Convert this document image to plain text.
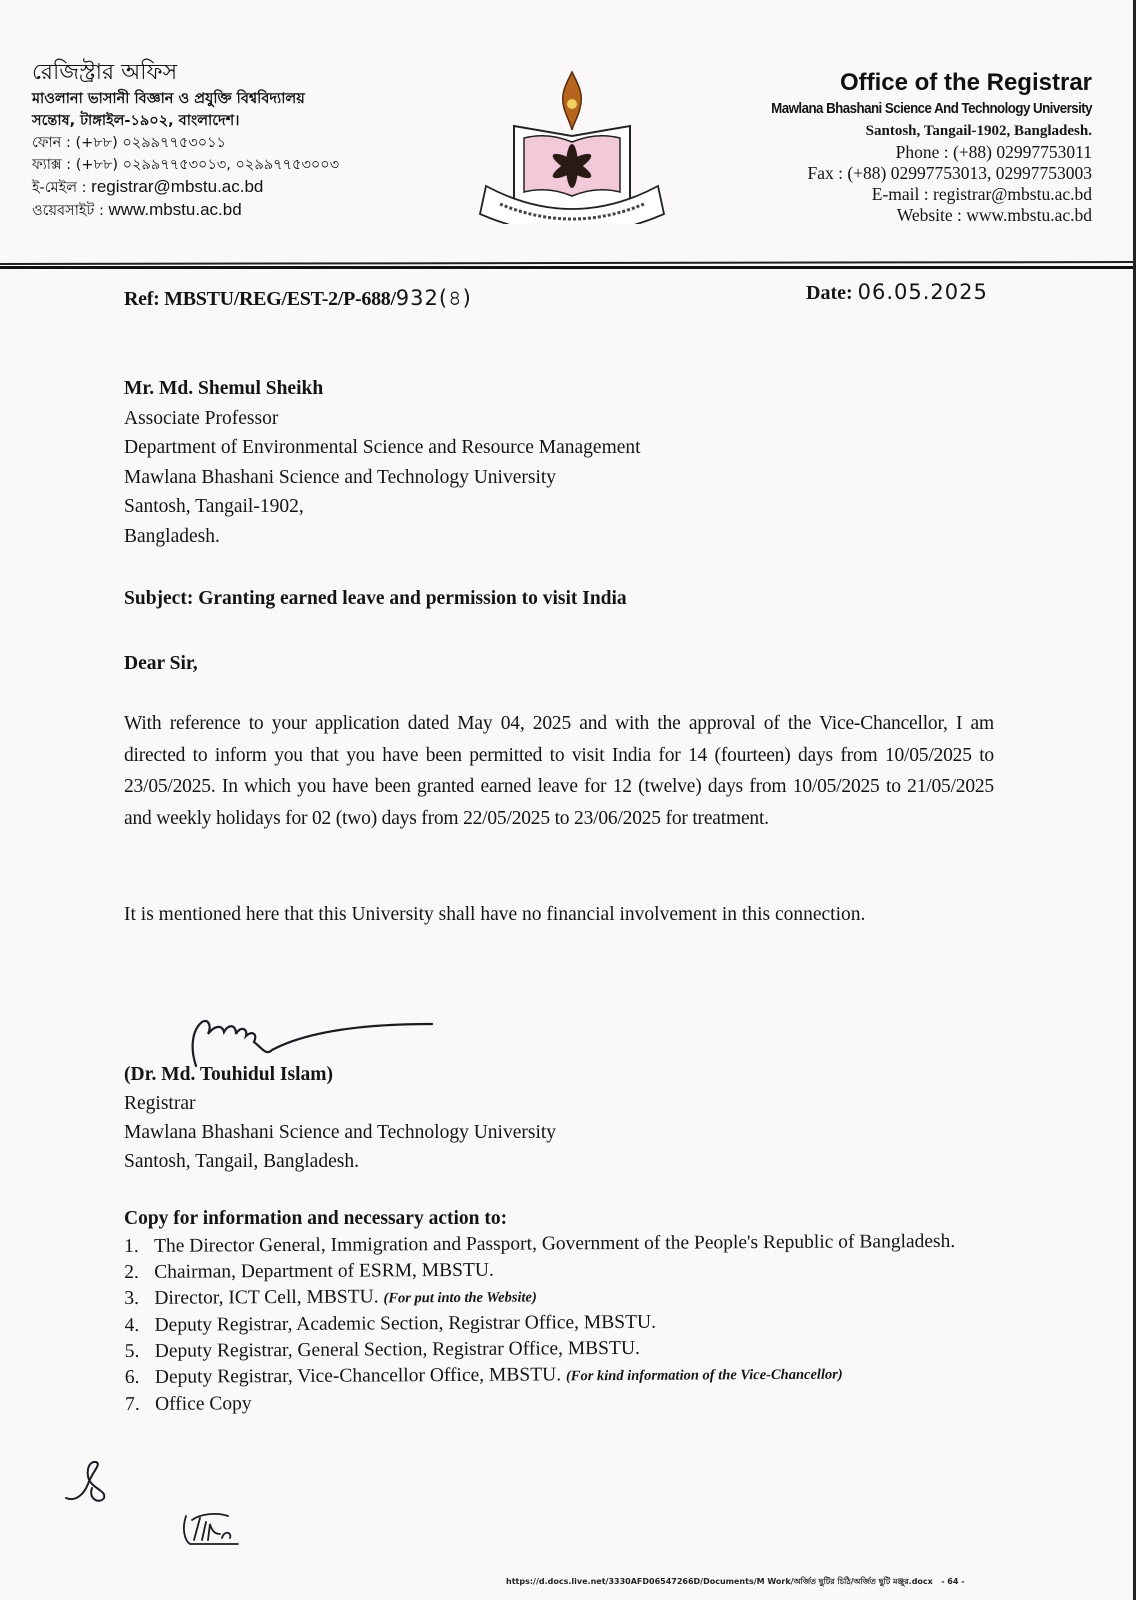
রেজিস্ট্রার অফিস
মাওলানা ভাসানী বিজ্ঞান ও প্রযুক্তি বিশ্ববিদ্যালয়
সন্তোষ, টাঙ্গাইল-১৯০২, বাংলাদেশ।
ফোন : (+৮৮) ০২৯৯৭৭৫৩০১১
ফ্যাক্স : (+৮৮) ০২৯৯৭৭৫৩০১৩, ০২৯৯৭৭৫৩০০৩
ই-মেইল : registrar@mbstu.ac.bd
ওয়েবসাইট : www.mbstu.ac.bd
Office of the Registrar
Mawlana Bhashani Science And Technology University
Santosh, Tangail-1902, Bangladesh.
Phone : (+88) 02997753011
Fax : (+88) 02997753013, 02997753003
E-mail : registrar@mbstu.ac.bd
Website : www.mbstu.ac.bd
Ref: MBSTU/REG/EST-2/P-688/932(৪)	Date: 06.05.2025
Mr. Md. Shemul Sheikh
Associate Professor
Department of Environmental Science and Resource Management
Mawlana Bhashani Science and Technology University
Santosh, Tangail-1902,
Bangladesh.
Subject: Granting earned leave and permission to visit India
Dear Sir,
With reference to your application dated May 04, 2025 and with the approval of the Vice-Chancellor, I am directed to inform you that you have been permitted to visit India for 14 (fourteen) days from 10/05/2025 to 23/05/2025. In which you have been granted earned leave for 12 (twelve) days from 10/05/2025 to 21/05/2025 and weekly holidays for 02 (two) days from 22/05/2025 to 23/06/2025 for treatment.
It is mentioned here that this University shall have no financial involvement in this connection.
(Dr. Md. Touhidul Islam)
Registrar
Mawlana Bhashani Science and Technology University
Santosh, Tangail, Bangladesh.
Copy for information and necessary action to:
1. The Director General, Immigration and Passport, Government of the People's Republic of Bangladesh.
2. Chairman, Department of ESRM, MBSTU.
3. Director, ICT Cell, MBSTU. (For put into the Website)
4. Deputy Registrar, Academic Section, Registrar Office, MBSTU.
5. Deputy Registrar, General Section, Registrar Office, MBSTU.
6. Deputy Registrar, Vice-Chancellor Office, MBSTU. (For kind information of the Vice-Chancellor)
7. Office Copy
https://d.docs.live.net/3330AFD06547266D/Documents/M Work/অর্জিত ছুটির চিঠি/অর্জিত ছুটি মঞ্জুর.docx - 64 -
